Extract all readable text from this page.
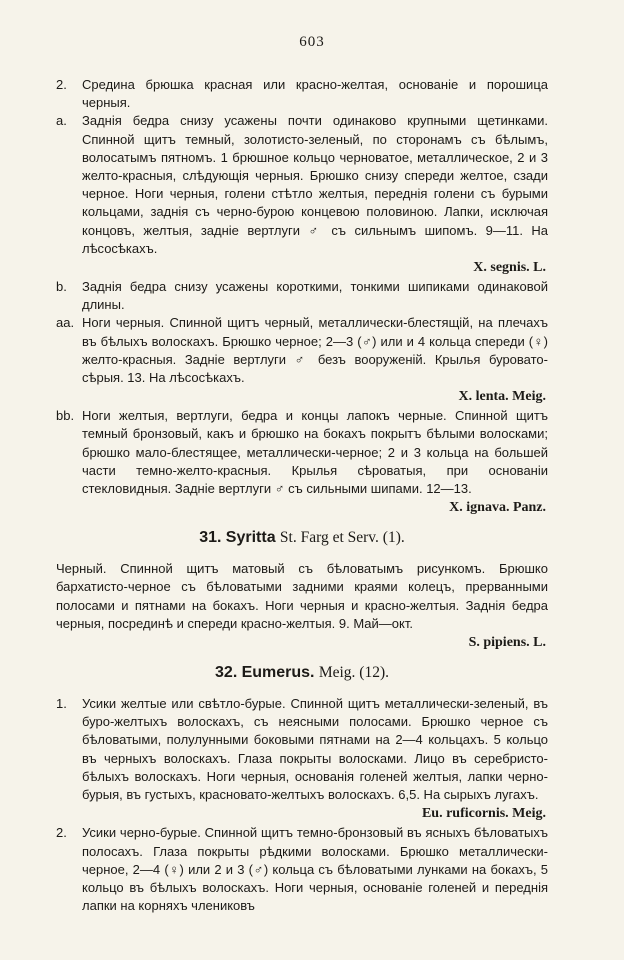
603
2.	Средина брюшка красная или красно-желтая, основаніе и порошица черныя.

a.	Заднія бедра снизу усажены почти одинаково крупными щетинками. Спинной щитъ темный, золотисто-зеленый, по сторонамъ съ бѣлымъ, волосатымъ пятномъ. 1 брюшное кольцо черноватое, металлическое, 2 и 3 желто-красныя, слѣдующія черныя. Брюшко снизу спереди желтое, сзади черное. Ноги черныя, голени стѣтло желтыя, переднія голени съ бурыми кольцами, заднія съ черно-бурою концевою половиною. Лапки, исключая концовъ, желтыя, заднiе вертлуги ♂ съ сильнымъ шипомъ. 9—11. На лѣсосѣкахъ.

X. segnis. L.
b.	Заднія бедра снизу усажены короткими, тонкими шипиками одинаковой длины.

aa. Ноги черныя. Спинной щитъ черный, металлически-блестящій, на плечахъ въ бѣлыхъ волоскахъ. Брюшко черное; 2—3 (♂) или и 4 кольца спереди (♀) желто-красныя. Заднiе вертлуги ♂ безъ вооруженiй. Крылья буровато-сѣрыя. 13. На лѣсосѣкахъ.

X. lenta. Meig.
bb. Ноги желтыя, вертлуги, бедра и концы лапокъ черные. Спинной щитъ темный бронзовый, какъ и брюшко на бокахъ покрытъ бѣлыми волосками; брюшко мало-блестящее, металлически-черное; 2 и 3 кольца на большей части темно-желто-красныя. Крылья сѣроватыя, при основанiи стекловидныя. Заднiе вертлуги ♂ съ сильными шипами. 12—13.

X. ignava. Panz.
31. Syritta St. Farg et Serv. (1).

Черный. Спинной щитъ матовый съ бѣловатымъ рисункомъ. Брюшко бархатисто-черное съ бѣловатыми задними краями колецъ, прерванными полосами и пятнами на бокахъ. Ноги черныя и красно-желтыя. Заднія бедра черныя, посрединѣ и спереди красно-желтыя. 9. Май—окт.

S. pipiens. L.
32. Eumerus. Meig. (12).
1.	Усики желтые или свѣтло-бурые. Спинной щитъ металлически-зеленый, въ буро-желтыхъ волоскахъ, съ неясными полосами. Брюшко черное съ бѣловатыми, полулунными боковыми пятнами на 2—4 кольцахъ. 5 кольцо въ черныхъ волоскахъ. Глаза покрыты волосками. Лицо въ серебристо-бѣлыхъ волоскахъ. Ноги черныя, основанiя голеней желтыя, лапки черно-бурыя, въ густыхъ, красновато-желтыхъ волоскахъ. 6,5. На сырыхъ лугахъ.

Eu. ruficornis. Meig.
2.	Усики черно-бурые. Спинной щитъ темно-бронзовый въ ясныхъ бѣловатыхъ полосахъ. Глаза покрыты рѣдкими волосками. Брюшко металлически-черное, 2—4 (♀) или 2 и 3 (♂) кольца съ бѣловатыми лунками на бокахъ, 5 кольцо въ бѣлыхъ волоскахъ. Ноги черныя, основаніе голеней и переднія лапки на корняхъ члениковъ
